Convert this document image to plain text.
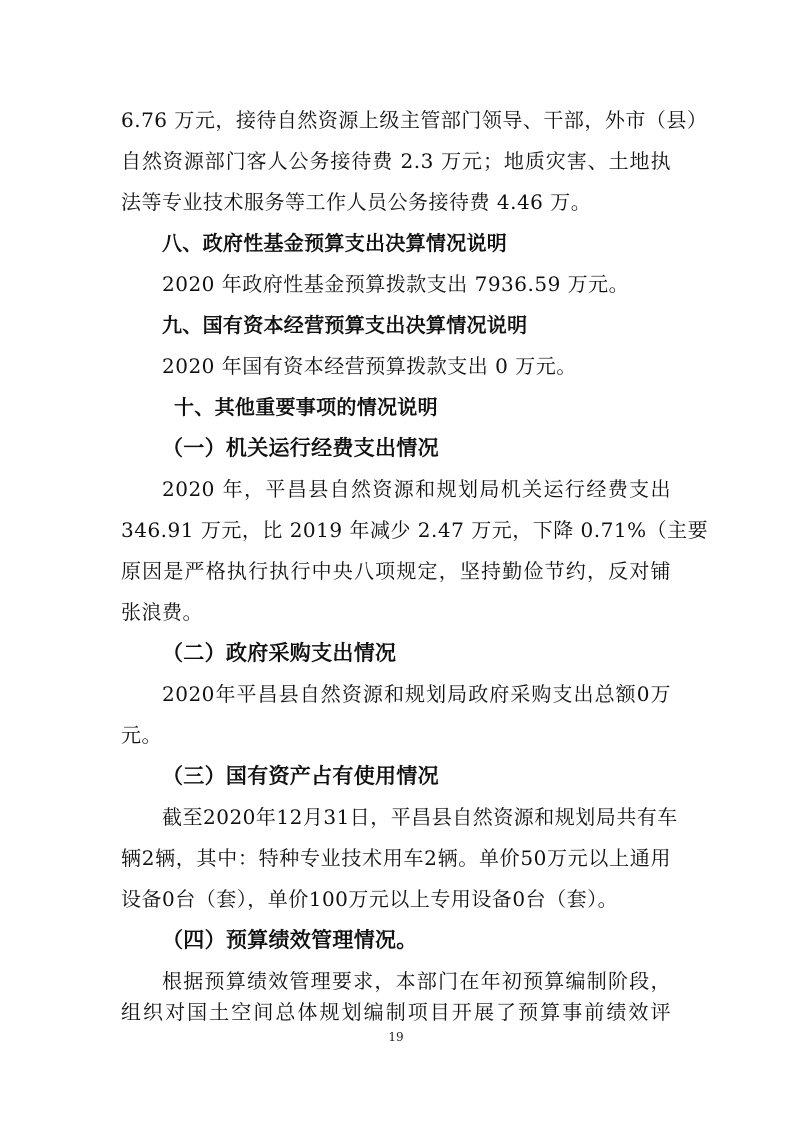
6.76 万元，接待自然资源上级主管部门领导、干部，外市（县）
自然资源部门客人公务接待费 2.3 万元；地质灾害、土地执
法等专业技术服务等工作人员公务接待费 4.46 万。
八、政府性基金预算支出决算情况说明
2020 年政府性基金预算拨款支出 7936.59 万元。
九、国有资本经营预算支出决算情况说明
2020 年国有资本经营预算拨款支出 0 万元。
十、其他重要事项的情况说明
（一）机关运行经费支出情况
2020 年，平昌县自然资源和规划局机关运行经费支出
346.91 万元，比 2019 年减少 2.47 万元，下降 0.71%（主要
原因是严格执行执行中央八项规定，坚持勤俭节约，反对铺
张浪费。
（二）政府采购支出情况
2020年平昌县自然资源和规划局政府采购支出总额0万
元。
（三）国有资产占有使用情况
截至2020年12月31日，平昌县自然资源和规划局共有车
辆2辆，其中：特种专业技术用车2辆。单价50万元以上通用
设备0台（套），单价100万元以上专用设备0台（套）。
（四）预算绩效管理情况。
根据预算绩效管理要求，本部门在年初预算编制阶段，
组织对国土空间总体规划编制项目开展了预算事前绩效评
19
